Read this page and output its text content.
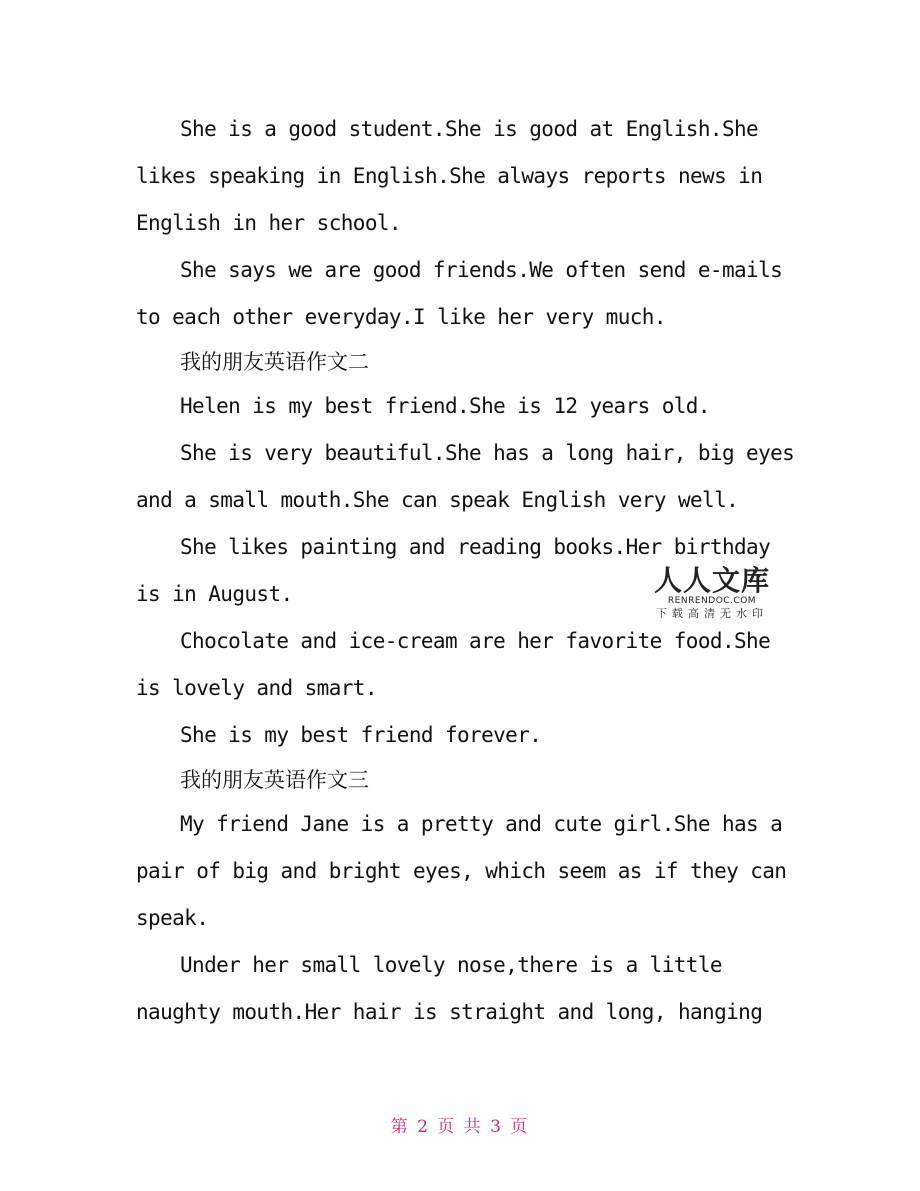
She is a good student.She is good at English.She likes speaking in English.She always reports news in English in her school.

She says we are good friends.We often send e-mails to each other everyday.I like her very much.

我的朋友英语作文二

Helen is my best friend.She is 12 years old.

She is very beautiful.She has a long hair, big eyes and a small mouth.She can speak English very well.

She likes painting and reading books.Her birthday is in August.

Chocolate and ice-cream are her favorite food.She is lovely and smart.

She is my best friend forever.

我的朋友英语作文三

My friend Jane is a pretty and cute girl.She has a pair of big and bright eyes, which seem as if they can speak.

Under her small lovely nose,there is a little naughty mouth.Her hair is straight and long, hanging

人人文库
RENRENDOC.COM
下载高清无水印
第 2 页 共 3 页
